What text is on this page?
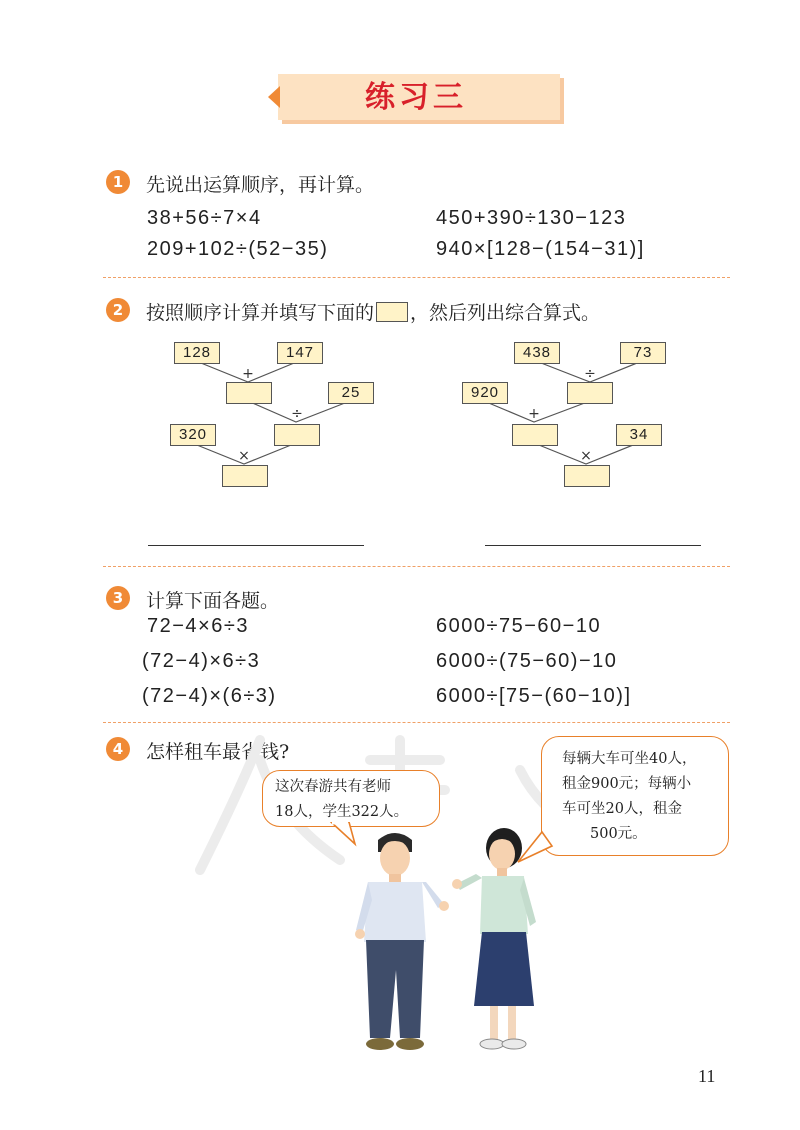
练习三
1	先说出运算顺序，再计算。
38+56÷7×4	450+390÷130−123
209+102÷(52−35)	940×[128−(154−31)]
2	按照顺序计算并填写下面的 ，然后列出综合算式。
128	147
+
25
÷
320
×
438	73
÷
920
+
34
×
3	计算下面各题。
72−4×6÷3	6000÷75−60−10
(72−4)×6÷3	6000÷(75−60)−10
(72−4)×(6÷3)	6000÷[75−(60−10)]
4	怎样租车最省钱?
这次春游共有老师
18人，学生322人。
每辆大车可坐40人，
租金900元；每辆小
车可坐20人，租金
500元。
11
